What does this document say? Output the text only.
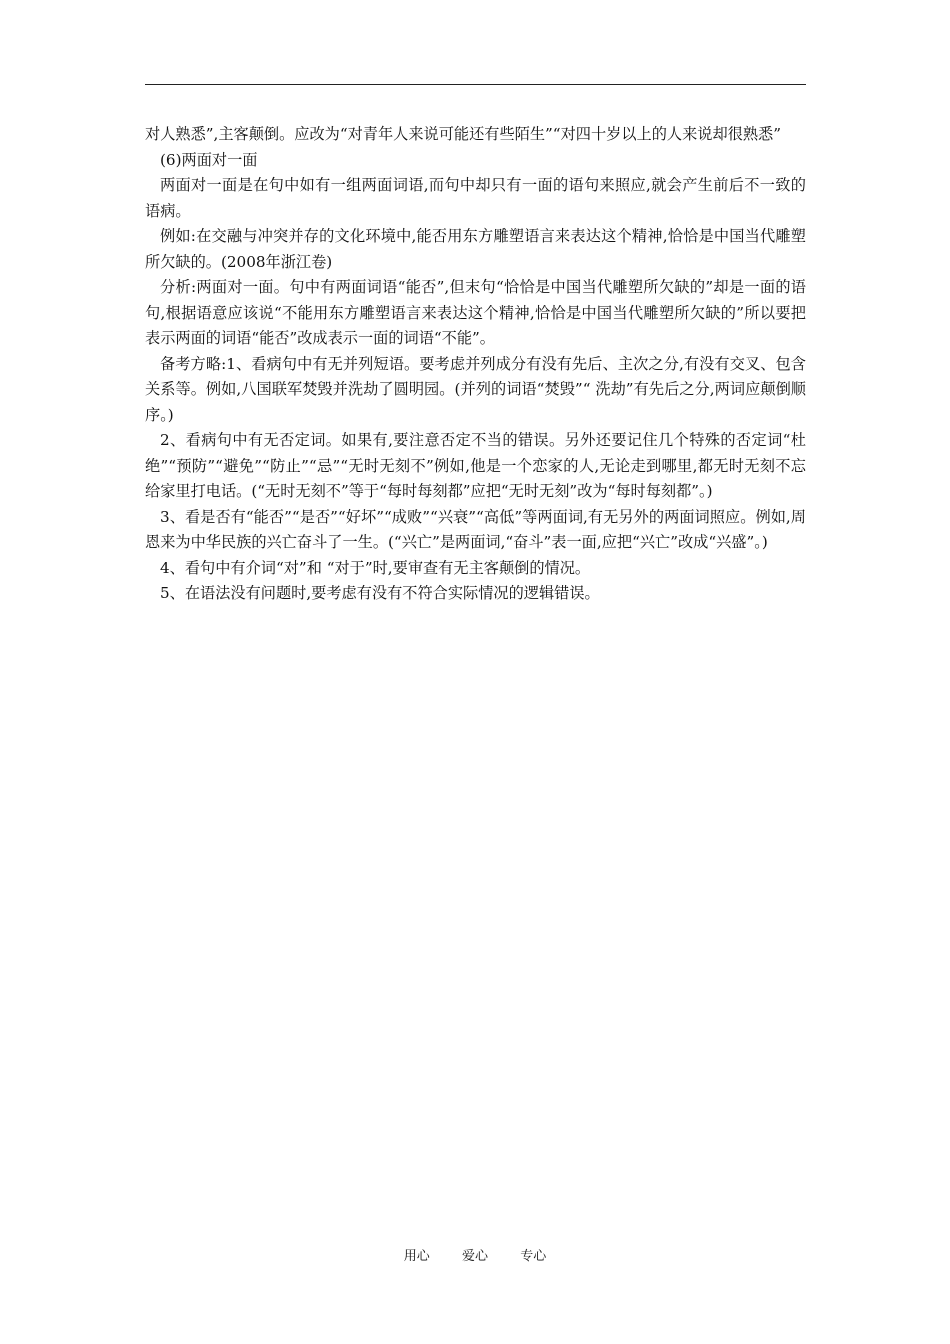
对人熟悉”,主客颠倒。应改为“对青年人来说可能还有些陌生”“对四十岁以上的人来说却很熟悉”

(6)两面对一面

两面对一面是在句中如有一组两面词语,而句中却只有一面的语句来照应,就会产生前后不一致的语病。

例如:在交融与冲突并存的文化环境中,能否用东方雕塑语言来表达这个精神,恰恰是中国当代雕塑所欠缺的。(2008年浙江卷)

分析:两面对一面。句中有两面词语“能否”,但末句“恰恰是中国当代雕塑所欠缺的”却是一面的语句,根据语意应该说“不能用东方雕塑语言来表达这个精神,恰恰是中国当代雕塑所欠缺的”所以要把表示两面的词语“能否”改成表示一面的词语“不能”。

备考方略:1、看病句中有无并列短语。要考虑并列成分有没有先后、主次之分,有没有交叉、包含关系等。例如,八国联军焚毁并洗劫了圆明园。(并列的词语“焚毁”“ 洗劫”有先后之分,两词应颠倒顺序。)

2、看病句中有无否定词。如果有,要注意否定不当的错误。另外还要记住几个特殊的否定词“杜绝”“预防”“避免”“防止”“忌”“无时无刻不”例如,他是一个恋家的人,无论走到哪里,都无时无刻不忘给家里打电话。(“无时无刻不”等于“每时每刻都”应把“无时无刻”改为“每时每刻都”。)

3、看是否有“能否”“是否”“好坏”“成败”“兴衰”“高低”等两面词,有无另外的两面词照应。例如,周恩来为中华民族的兴亡奋斗了一生。(“兴亡”是两面词,“奋斗”表一面,应把“兴亡”改成“兴盛”。)

4、看句中有介词“对”和 “对于”时,要审查有无主客颠倒的情况。

5、在语法没有问题时,要考虑有没有不符合实际情况的逻辑错误。

用心  爱心  专心
